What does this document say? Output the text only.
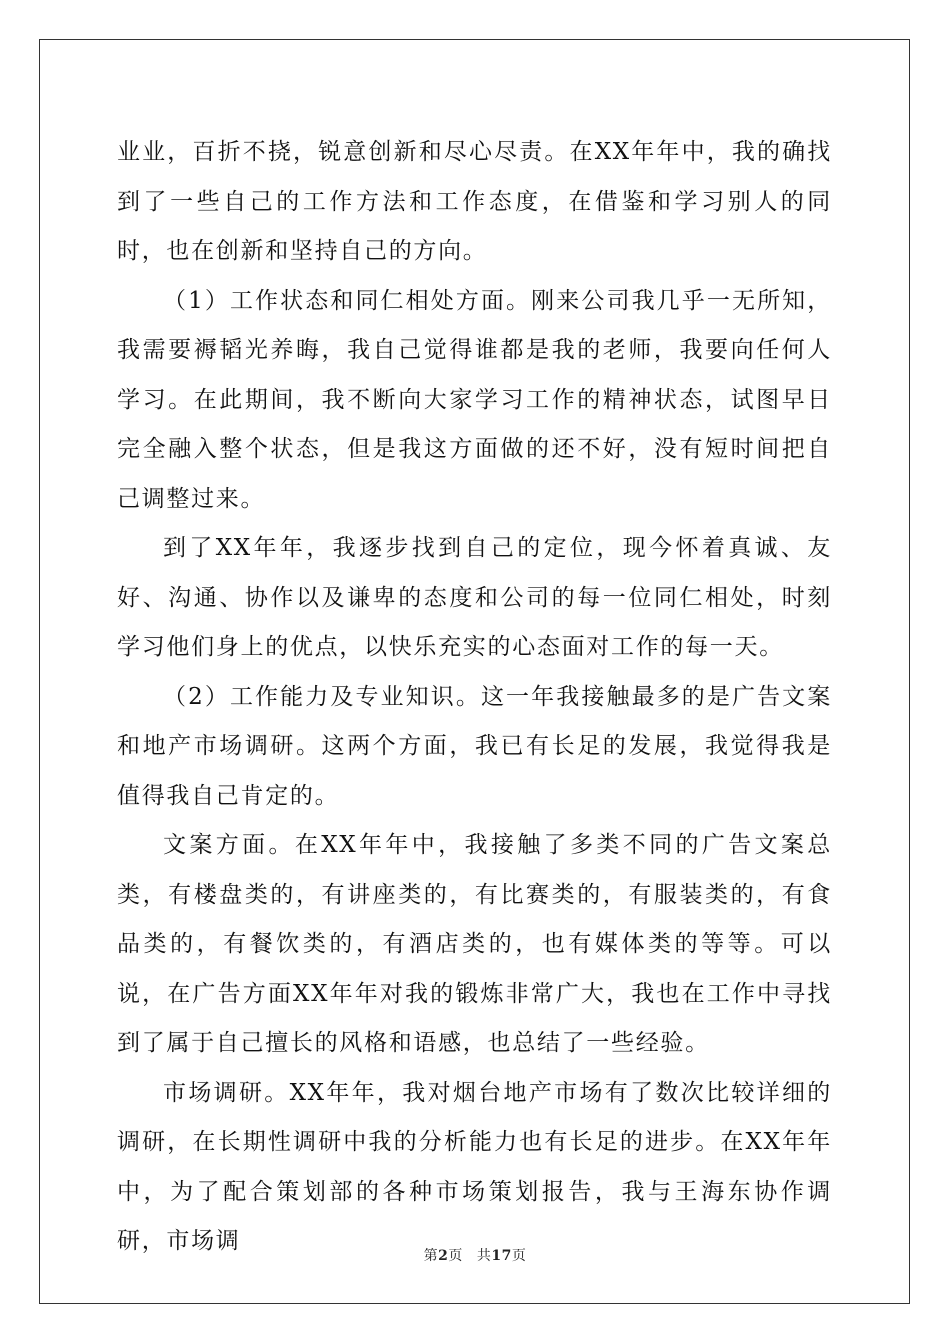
业业，百折不挠，锐意创新和尽心尽责。在XX年年中，我的确找到了一些自己的工作方法和工作态度，在借鉴和学习别人的同时，也在创新和坚持自己的方向。

（1）工作状态和同仁相处方面。刚来公司我几乎一无所知，我需要褥韬光养晦，我自己觉得谁都是我的老师，我要向任何人学习。在此期间，我不断向大家学习工作的精神状态，试图早日完全融入整个状态，但是我这方面做的还不好，没有短时间把自己调整过来。

到了XX年年，我逐步找到自己的定位，现今怀着真诚、友好、沟通、协作以及谦卑的态度和公司的每一位同仁相处，时刻学习他们身上的优点，以快乐充实的心态面对工作的每一天。

（2）工作能力及专业知识。这一年我接触最多的是广告文案和地产市场调研。这两个方面，我已有长足的发展，我觉得我是值得我自己肯定的。

文案方面。在XX年年中，我接触了多类不同的广告文案总类，有楼盘类的，有讲座类的，有比赛类的，有服装类的，有食品类的，有餐饮类的，有酒店类的，也有媒体类的等等。可以说，在广告方面XX年年对我的锻炼非常广大，我也在工作中寻找到了属于自己擅长的风格和语感，也总结了一些经验。

市场调研。XX年年，我对烟台地产市场有了数次比较详细的调研，在长期性调研中我的分析能力也有长足的进步。在XX年年中，为了配合策划部的各种市场策划报告，我与王海东协作调研，市场调

第2页 共17页
